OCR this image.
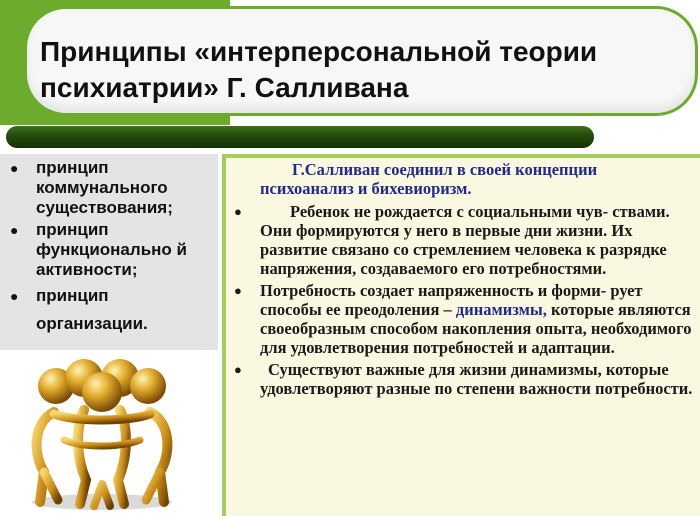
Принципы «интерперсональной теории психиатрии» Г. Салливана
● принцип коммунального существования;
● принцип функционально й активности;
● принцип организации.
Г.Салливан соединил в своей концепции
психоанализ и бихевиоризм.
●	Ребенок не рождается с социальными чув- ствами. Они формируются у него в первые дни жизни. Их развитие связано со стремлением человека к разрядке напряжения, создаваемого его потребностями.
● Потребность создает напряженность и форми- рует способы ее преодоления – динамизмы, которые являются своеобразным способом накопления опыта, необходимого для удовлетворения потребностей и адаптации.
● Существуют важные для жизни динамизмы, которые удовлетворяют разные по степени важности потребности.
